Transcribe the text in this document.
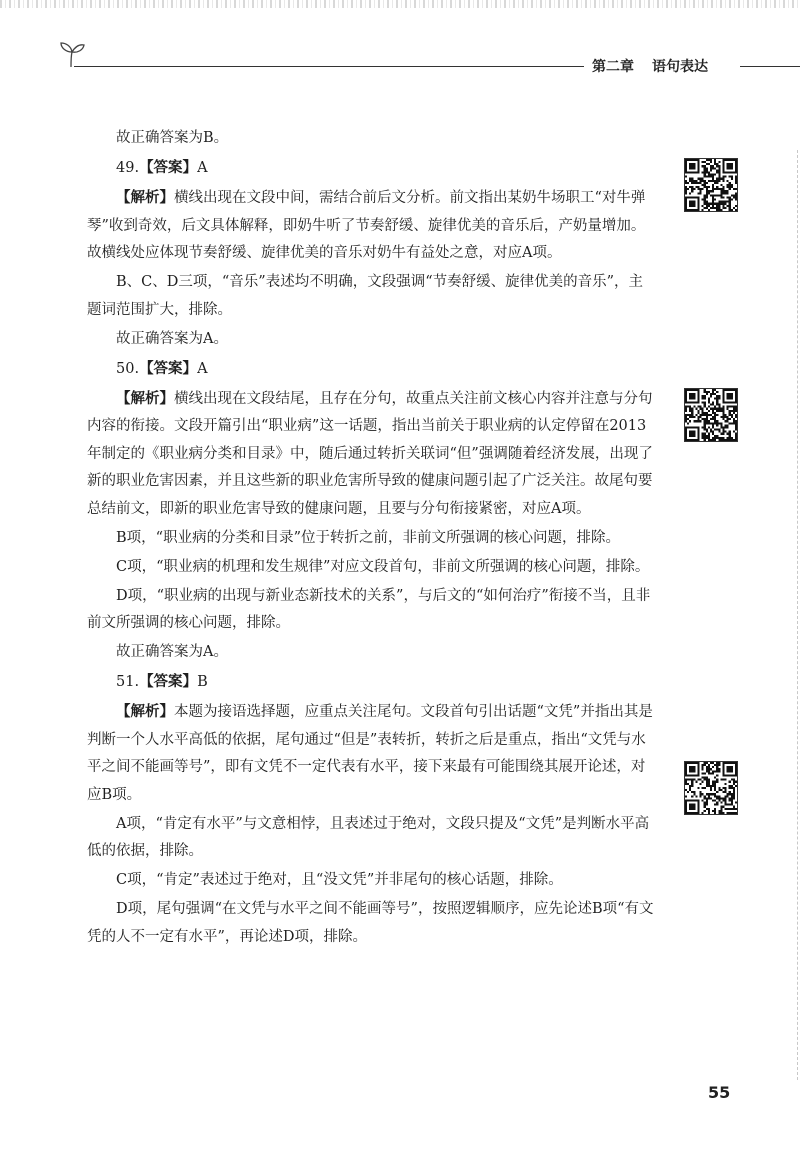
第二章 语句表达

故正确答案为B。

49.【答案】A

【解析】横线出现在文段中间，需结合前后文分析。前文指出某奶牛场职工“对牛弹琴”收到奇效，后文具体解释，即奶牛听了节奏舒缓、旋律优美的音乐后，产奶量增加。故横线处应体现节奏舒缓、旋律优美的音乐对奶牛有益处之意，对应A项。

B、C、D三项，“音乐”表述均不明确，文段强调“节奏舒缓、旋律优美的音乐”，主题词范围扩大，排除。

故正确答案为A。

50.【答案】A

【解析】横线出现在文段结尾，且存在分句，故重点关注前文核心内容并注意与分句内容的衔接。文段开篇引出“职业病”这一话题，指出当前关于职业病的认定停留在2013年制定的《职业病分类和目录》中，随后通过转折关联词“但”强调随着经济发展，出现了新的职业危害因素，并且这些新的职业危害所导致的健康问题引起了广泛关注。故尾句要总结前文，即新的职业危害导致的健康问题，且要与分句衔接紧密，对应A项。

B项，“职业病的分类和目录”位于转折之前，非前文所强调的核心问题，排除。

C项，“职业病的机理和发生规律”对应文段首句，非前文所强调的核心问题，排除。

D项，“职业病的出现与新业态新技术的关系”，与后文的“如何治疗”衔接不当，且非前文所强调的核心问题，排除。

故正确答案为A。

51.【答案】B

【解析】本题为接语选择题，应重点关注尾句。文段首句引出话题“文凭”并指出其是判断一个人水平高低的依据，尾句通过“但是”表转折，转折之后是重点，指出“文凭与水平之间不能画等号”，即有文凭不一定代表有水平，接下来最有可能围绕其展开论述，对应B项。

A项，“肯定有水平”与文意相悖，且表述过于绝对，文段只提及“文凭”是判断水平高低的依据，排除。

C项，“肯定”表述过于绝对，且“没文凭”并非尾句的核心话题，排除。

D项，尾句强调“在文凭与水平之间不能画等号”，按照逻辑顺序，应先论述B项“有文凭的人不一定有水平”，再论述D项，排除。

55
